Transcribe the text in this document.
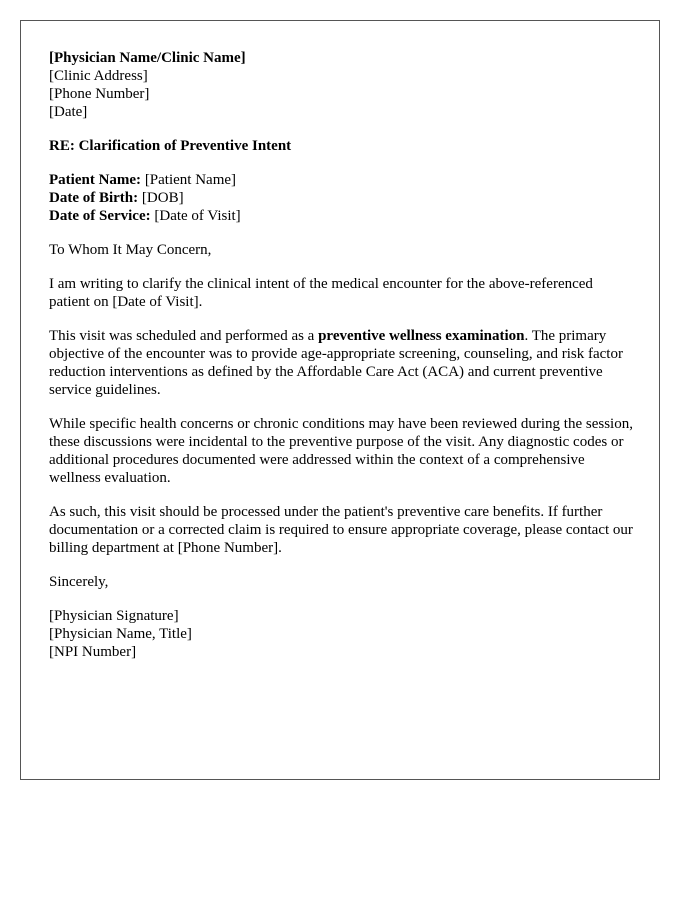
[Physician Name/Clinic Name]
[Clinic Address]
[Phone Number]
[Date]
RE: Clarification of Preventive Intent
Patient Name: [Patient Name]
Date of Birth: [DOB]
Date of Service: [Date of Visit]

To Whom It May Concern,

I am writing to clarify the clinical intent of the medical encounter for the above-referenced patient on [Date of Visit].

This visit was scheduled and performed as a preventive wellness examination. The primary objective of the encounter was to provide age-appropriate screening, counseling, and risk factor reduction interventions as defined by the Affordable Care Act (ACA) and current preventive service guidelines.

While specific health concerns or chronic conditions may have been reviewed during the session, these discussions were incidental to the preventive purpose of the visit. Any diagnostic codes or additional procedures documented were addressed within the context of a comprehensive wellness evaluation.

As such, this visit should be processed under the patient's preventive care benefits. If further documentation or a corrected claim is required to ensure appropriate coverage, please contact our billing department at [Phone Number].

Sincerely,

[Physician Signature]
[Physician Name, Title]
[NPI Number]
